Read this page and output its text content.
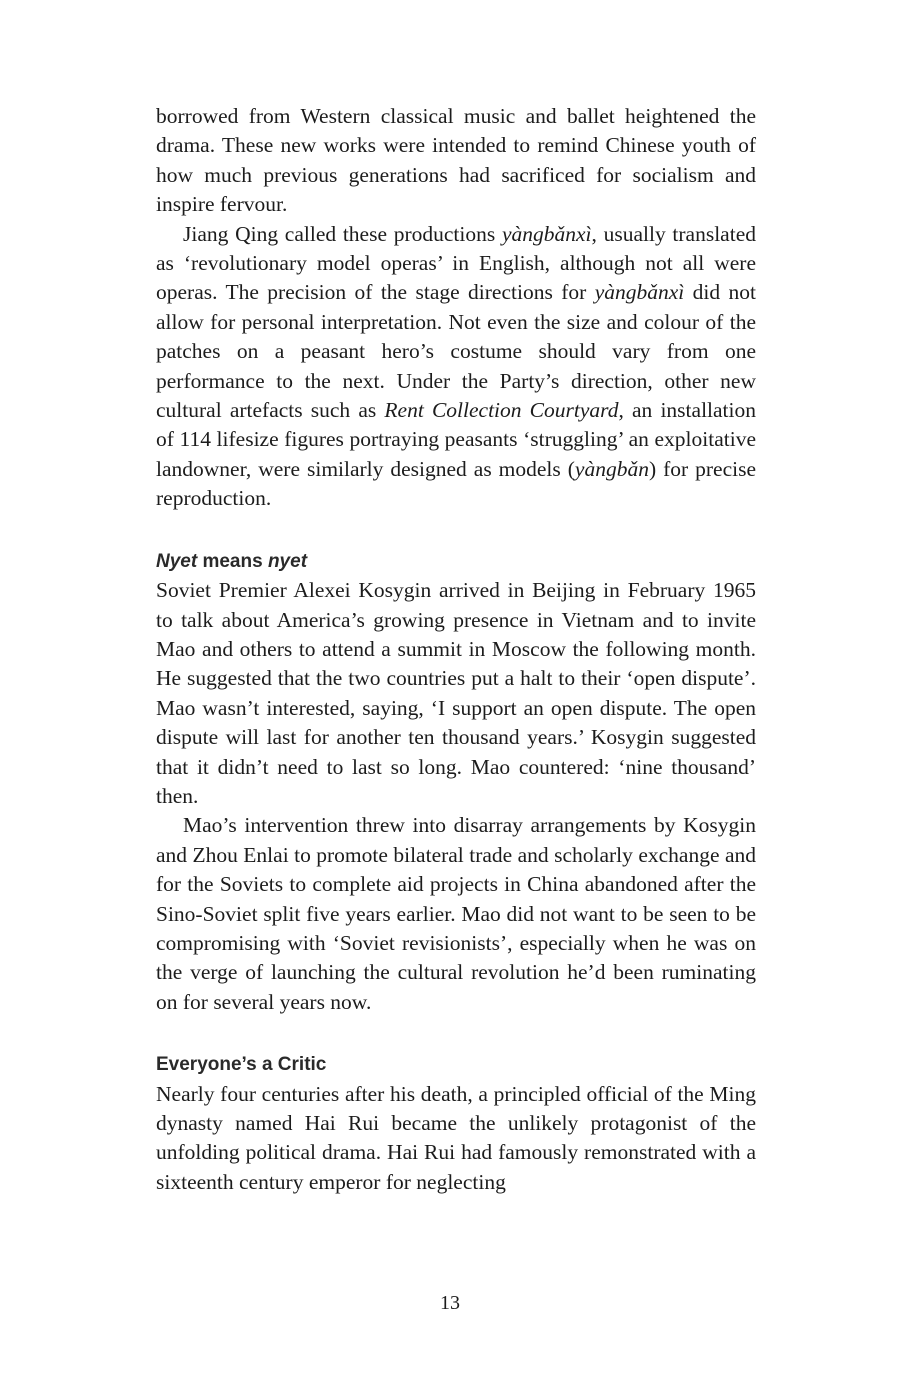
borrowed from Western classical music and ballet heightened the drama. These new works were intended to remind Chinese youth of how much previous generations had sacrificed for socialism and inspire fervour.

Jiang Qing called these productions yàngbǎnxì, usually translated as ‘revolutionary model operas’ in English, although not all were operas. The precision of the stage directions for yàngbǎnxì did not allow for personal interpretation. Not even the size and colour of the patches on a peasant hero’s costume should vary from one performance to the next. Under the Party’s direction, other new cultural artefacts such as Rent Collection Courtyard, an installation of 114 lifesize figures portraying peasants ‘struggling’ an exploitative landowner, were similarly designed as models (yàngbǎn) for precise reproduction.

Nyet means nyet

Soviet Premier Alexei Kosygin arrived in Beijing in February 1965 to talk about America’s growing presence in Vietnam and to invite Mao and others to attend a summit in Moscow the following month. He suggested that the two countries put a halt to their ‘open dispute’. Mao wasn’t interested, saying, ‘I support an open dispute. The open dispute will last for another ten thousand years.’ Kosygin suggested that it didn’t need to last so long. Mao countered: ‘nine thousand’ then.

Mao’s intervention threw into disarray arrangements by Kosygin and Zhou Enlai to promote bilateral trade and scholarly exchange and for the Soviets to complete aid projects in China abandoned after the Sino-Soviet split five years earlier. Mao did not want to be seen to be compromising with ‘Soviet revisionists’, especially when he was on the verge of launching the cultural revolution he’d been ruminating on for several years now.

Everyone’s a Critic

Nearly four centuries after his death, a principled official of the Ming dynasty named Hai Rui became the unlikely protagonist of the unfolding political drama. Hai Rui had famously remonstrated with a sixteenth century emperor for neglecting

13
